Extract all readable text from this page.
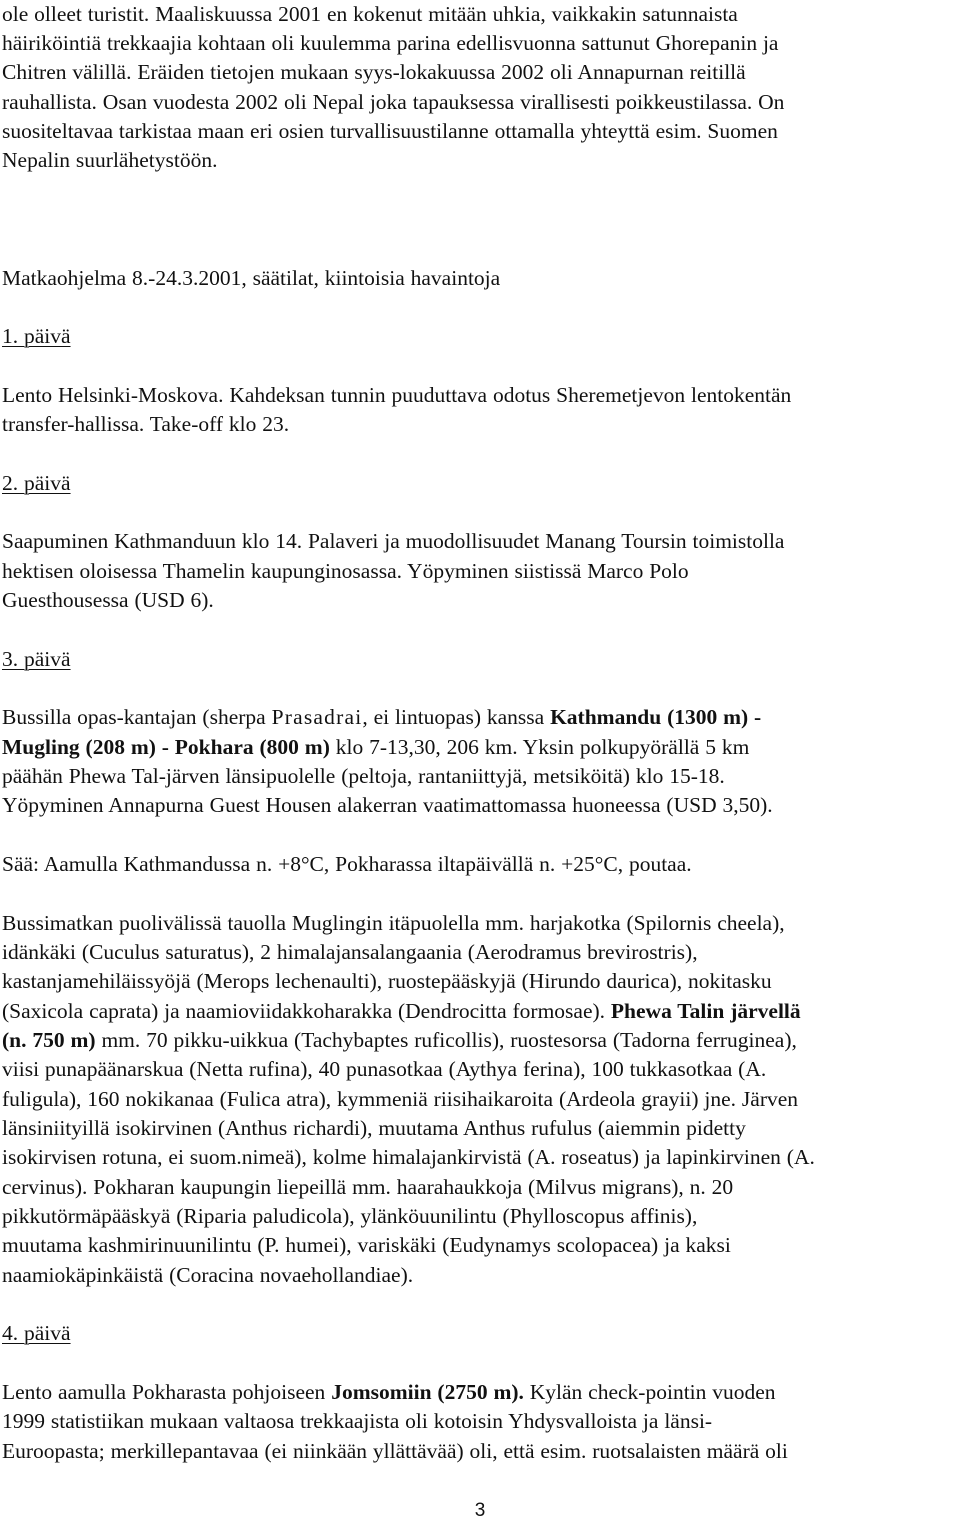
ole olleet turistit. Maaliskuussa 2001 en kokenut mitään uhkia, vaikkakin satunnaista
häiriköintiä trekkaajia kohtaan oli kuulemma parina edellisvuonna sattunut Ghorepanin ja
Chitren välillä. Eräiden tietojen mukaan syys-lokakuussa 2002 oli Annapurnan reitillä
rauhallista. Osan vuodesta 2002 oli Nepal joka tapauksessa virallisesti poikkeustilassa. On
suositeltavaa tarkistaa maan eri osien turvallisuustilanne ottamalla yhteyttä esim. Suomen
Nepalin suurlähetystöön.
Matkaohjelma 8.-24.3.2001, säätilat, kiintoisia havaintoja
1. päivä
Lento Helsinki-Moskova. Kahdeksan tunnin puuduttava odotus Sheremetjevon lentokentän
transfer-hallissa. Take-off klo 23.
2. päivä
Saapuminen Kathmanduun klo 14. Palaveri ja muodollisuudet Manang Toursin toimistolla
hektisen oloisessa Thamelin kaupunginosassa. Yöpyminen siistissä Marco Polo
Guesthousessa (USD 6).
3. päivä
Bussilla opas-kantajan (sherpa Prasadrai, ei lintuopas) kanssa Kathmandu (1300 m) -
Mugling (208 m) - Pokhara (800 m) klo 7-13,30, 206 km. Yksin polkupyörällä 5 km
päähän Phewa Tal-järven länsipuolelle (peltoja, rantaniittyjä, metsiköitä) klo 15-18.
Yöpyminen Annapurna Guest Housen alakerran vaatimattomassa huoneessa (USD 3,50).
Sää: Aamulla Kathmandussa n. +8°C, Pokharassa iltapäivällä n. +25°C, poutaa.
Bussimatkan puolivälissä tauolla Muglingin itäpuolella mm. harjakotka (Spilornis cheela),
idänkäki (Cuculus saturatus), 2 himalajansalangaania (Aerodramus brevirostris),
kastanjamehiläissyöjä (Merops lechenaulti), ruostepääskyjä (Hirundo daurica), nokitasku
(Saxicola caprata) ja naamioviidakkoharakka (Dendrocitta formosae). Phewa Talin järvellä
(n. 750 m) mm. 70 pikku-uikkua (Tachybaptes ruficollis), ruostesorsa (Tadorna ferruginea),
viisi punapäänarskua (Netta rufina), 40 punasotkaa (Aythya ferina), 100 tukkasotkaa (A.
fuligula), 160 nokikanaa (Fulica atra), kymmeniä riisihaikaroita (Ardeola grayii) jne. Järven
länsiniityillä isokirvinen (Anthus richardi), muutama Anthus rufulus (aiemmin pidetty
isokirvisen rotuna, ei suom.nimeä), kolme himalajankirvistä (A. roseatus) ja lapinkirvinen (A.
cervinus). Pokharan kaupungin liepeillä mm. haarahaukkoja (Milvus migrans), n. 20
pikkutörmäpääskyä (Riparia paludicola), ylänköuunilintu (Phylloscopus affinis),
muutama kashmirinuunilintu (P. humei), variskäki (Eudynamys scolopacea) ja kaksi
naamiokäpinkäistä (Coracina novaehollandiae).
4. päivä
Lento aamulla Pokharasta pohjoiseen Jomsomiin (2750 m). Kylän check-pointin vuoden
1999 statistiikan mukaan valtaosa trekkaajista oli kotoisin Yhdysvalloista ja länsi-
Euroopasta; merkillepantavaa (ei niinkään yllättävää) oli, että esim. ruotsalaisten määrä oli
3
